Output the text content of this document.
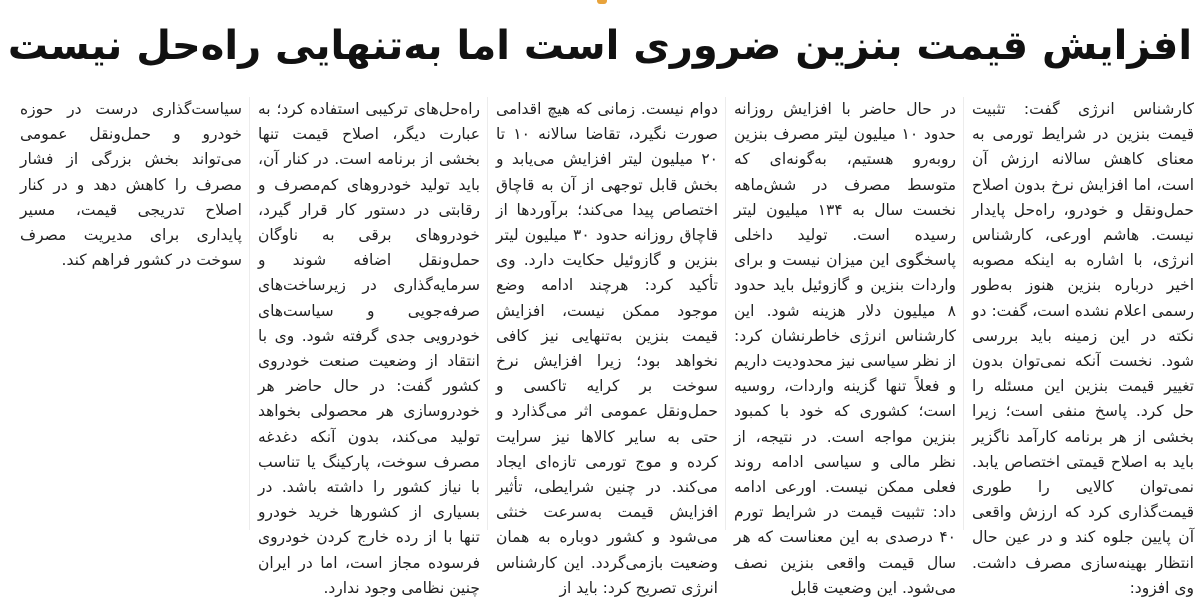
افزایش قیمت بنزین ضروری است اما به‌تنهایی راه‌حل نیست
کارشناس انرژی گفت: تثبیت قیمت بنزین در شرایط تورمی به معنای کاهش سالانه ارزش آن است، اما افزایش نرخ بدون اصلاح حمل‌ونقل و خودرو، راه‌حل پایدار نیست. هاشم اورعی، کارشناس انرژی، با اشاره به اینکه مصوبه اخیر درباره بنزین هنوز به‌طور رسمی اعلام نشده است، گفت: دو نکته در این زمینه باید بررسی شود. نخست آنکه نمی‌توان بدون تغییر قیمت بنزین این مسئله را حل کرد. پاسخ منفی است؛ زیرا بخشی از هر برنامه کارآمد ناگزیر باید به اصلاح قیمتی اختصاص یابد. نمی‌توان کالایی را طوری قیمت‌گذاری کرد که ارزش واقعی آن پایین جلوه کند و در عین حال انتظار بهینه‌سازی مصرف داشت. وی افزود:
در حال حاضر با افزایش روزانه حدود ۱۰ میلیون لیتر مصرف بنزین روبه‌رو هستیم، به‌گونه‌ای که متوسط مصرف در شش‌ماهه نخست سال به ۱۳۴ میلیون لیتر رسیده است. تولید داخلی پاسخگوی این میزان نیست و برای واردات بنزین و گازوئیل باید حدود ۸ میلیون دلار هزینه شود. این کارشناس انرژی خاطرنشان کرد: از نظر سیاسی نیز محدودیت داریم و فعلاً تنها گزینه واردات، روسیه است؛ کشوری که خود با کمبود بنزین مواجه است. در نتیجه، از نظر مالی و سیاسی ادامه روند فعلی ممکن نیست. اورعی ادامه داد: تثبیت قیمت در شرایط تورم ۴۰ درصدی به این معناست که هر سال قیمت واقعی بنزین نصف می‌شود. این وضعیت قابل
دوام نیست. زمانی که هیچ اقدامی صورت نگیرد، تقاضا سالانه ۱۰ تا ۲۰ میلیون لیتر افزایش می‌یابد و بخش قابل توجهی از آن به قاچاق اختصاص پیدا می‌کند؛ برآوردها از قاچاق روزانه حدود ۳۰ میلیون لیتر بنزین و گازوئیل حکایت دارد. وی تأکید کرد: هرچند ادامه وضع موجود ممکن نیست، افزایش قیمت بنزین به‌تنهایی نیز کافی نخواهد بود؛ زیرا افزایش نرخ سوخت بر کرایه تاکسی و حمل‌ونقل عمومی اثر می‌گذارد و حتی به سایر کالاها نیز سرایت کرده و موج تورمی تازه‌ای ایجاد می‌کند. در چنین شرایطی، تأثیر افزایش قیمت به‌سرعت خنثی می‌شود و کشور دوباره به همان وضعیت بازمی‌گردد. این کارشناس انرژی تصریح کرد: باید از
راه‌حل‌های ترکیبی استفاده کرد؛ به عبارت دیگر، اصلاح قیمت تنها بخشی از برنامه است. در کنار آن، باید تولید خودروهای کم‌مصرف و رقابتی در دستور کار قرار گیرد، خودروهای برقی به ناوگان حمل‌ونقل اضافه شوند و سرمایه‌گذاری در زیرساخت‌های صرفه‌جویی و سیاست‌های خودرویی جدی گرفته شود. وی با انتقاد از وضعیت صنعت خودروی کشور گفت: در حال حاضر هر خودروسازی هر محصولی بخواهد تولید می‌کند، بدون آنکه دغدغه مصرف سوخت، پارکینگ یا تناسب با نیاز کشور را داشته باشد. در بسیاری از کشورها خرید خودرو تنها با از رده خارج کردن خودروی فرسوده مجاز است، اما در ایران چنین نظامی وجود ندارد.
سیاست‌گذاری درست در حوزه خودرو و حمل‌ونقل عمومی می‌تواند بخش بزرگی از فشار مصرف را کاهش دهد و در کنار اصلاح تدریجی قیمت، مسیر پایداری برای مدیریت مصرف سوخت در کشور فراهم کند.
